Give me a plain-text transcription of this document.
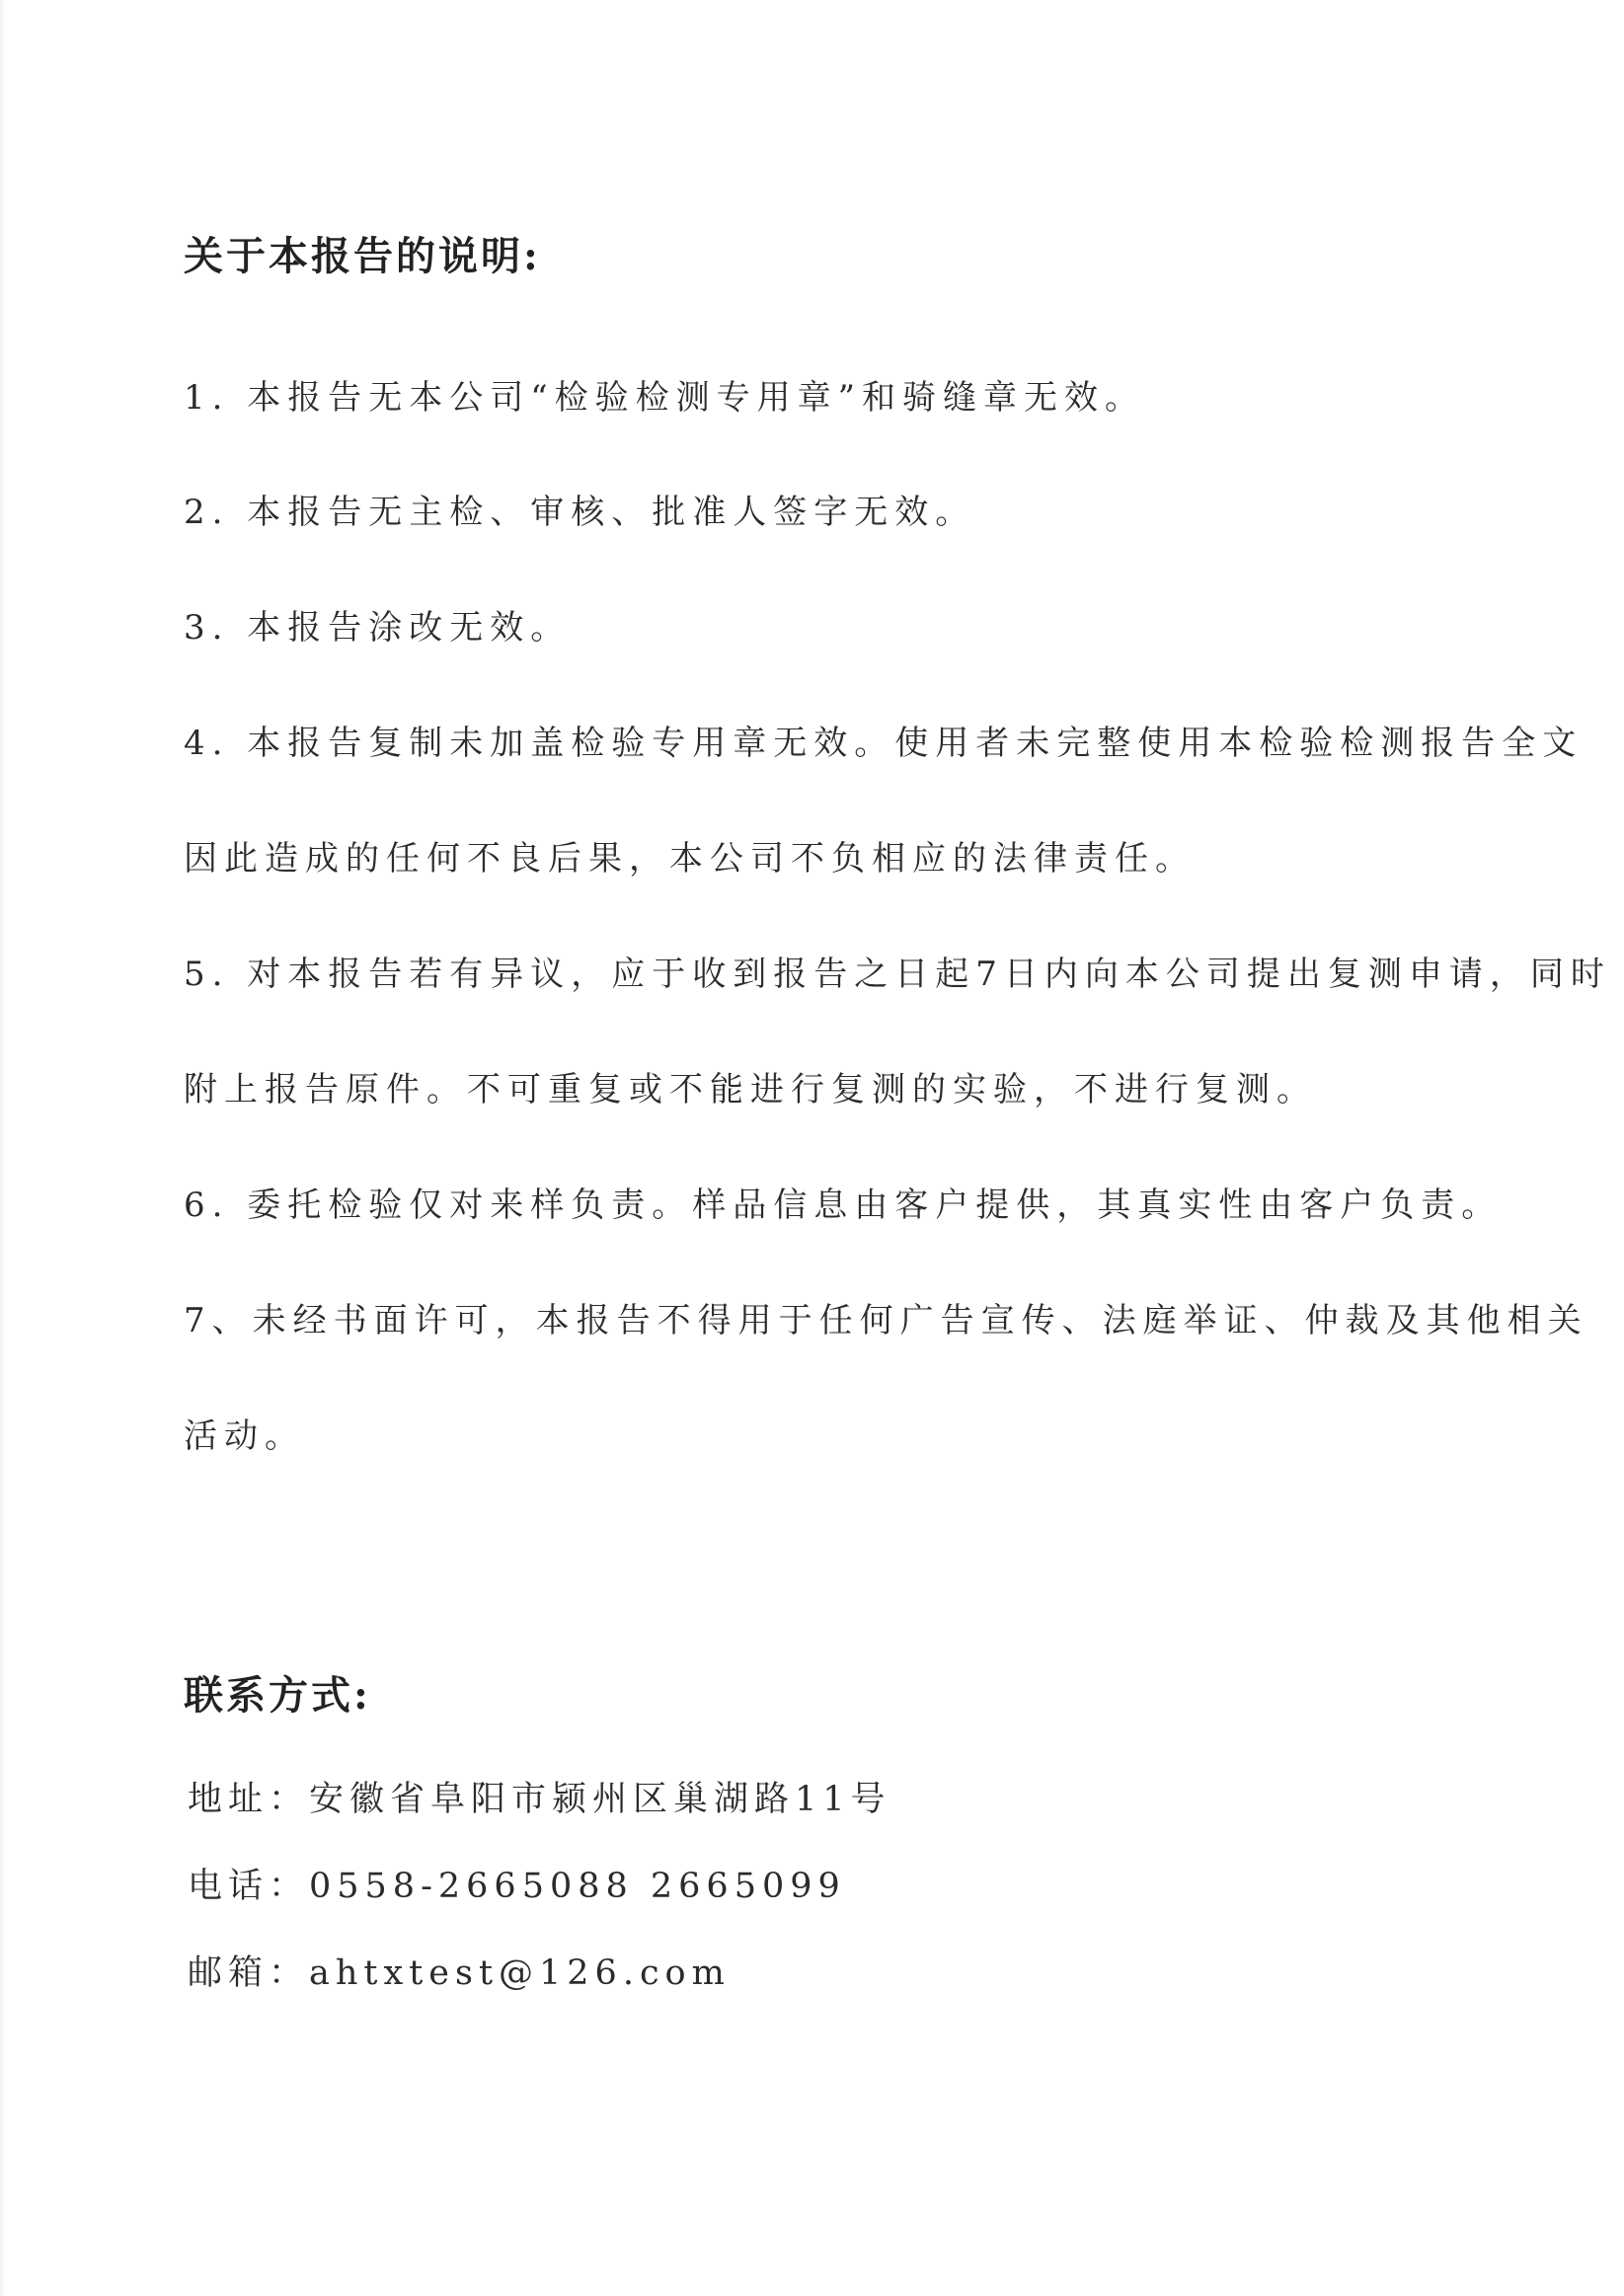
关于本报告的说明:

1. 本报告无本公司“检验检测专用章”和骑缝章无效。

2. 本报告无主检、审核、批准人签字无效。

3. 本报告涂改无效。

4. 本报告复制未加盖检验专用章无效。使用者未完整使用本检验检测报告全文

因此造成的任何不良后果，本公司不负相应的法律责任。

5. 对本报告若有异议，应于收到报告之日起7日内向本公司提出复测申请，同时

附上报告原件。不可重复或不能进行复测的实验，不进行复测。

6. 委托检验仅对来样负责。样品信息由客户提供，其真实性由客户负责。

7、未经书面许可，本报告不得用于任何广告宣传、法庭举证、仲裁及其他相关

活动。

联系方式:

地址：安徽省阜阳市颍州区巢湖路11号

电话：0558-2665088 2665099

邮箱：ahtxtest@126.com
